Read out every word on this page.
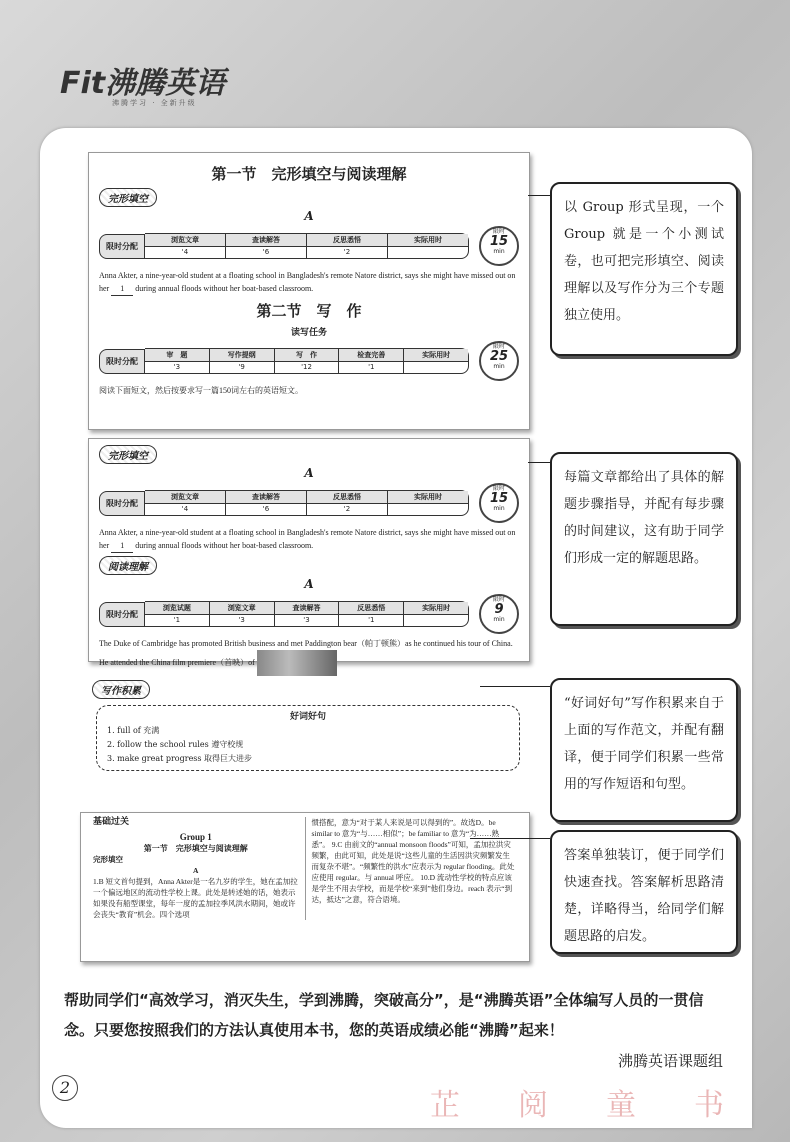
Fit沸腾英语
沸腾学习 · 全新升级
第一节　完形填空与阅读理解
完形填空
A
限时分配
浏览文章
'4
查读解答
'6
反思悉悟
'2
实际用时
限时
15
min
Anna Akter, a nine-year-old student at a floating school in Bangladesh's remote Natore district, says she might have missed out on her 1 during annual floods without her boat-based classroom.
第二节　写　作
读写任务
限时分配
审　题
'3
写作提纲
'9
写　作
'12
检查完善
'1
实际用时
限时
25
min
阅读下面短文，然后按要求写一篇150词左右的英语短文。
以 Group 形式呈现，一个 Group 就是一个小测试卷，也可把完形填空、阅读理解以及写作分为三个专题独立使用。
完形填空
A
限时分配
浏览文章
'4
查读解答
'6
反思悉悟
'2
实际用时
限时
15
min
Anna Akter, a nine-year-old student at a floating school in Bangladesh's remote Natore district, says she might have missed out on her 1 during annual floods without her boat-based classroom.
阅读理解
A
限时分配
浏览试题
'1
浏览文章
'3
查读解答
'3
反思悉悟
'1
实际用时
限时
9
min
The Duke of Cambridge has promoted British business and met Paddington bear（帕丁顿熊）as he continued his tour of China. He attended the China film premiere（首映）of
每篇文章都给出了具体的解题步骤指导，并配有每步骤的时间建议，这有助于同学们形成一定的解题思路。
写作积累
好词好句
1. full of 充满
2. follow the school rules 遵守校规
3. make great progress 取得巨大进步
“好词好句”写作积累来自于上面的写作范文，并配有翻译，便于同学们积累一些常用的写作短语和句型。
基础过关
Group 1
第一节　完形填空与阅读理解
完形填空
A
1.B 短文首句提到，Anna Akter是一名九岁的学生，她在孟加拉一个偏远地区的流动性学校上课。此处是转述她的话，她表示如果没有船型课堂，每年一度的孟加拉季风洪水期间，她或许会丧失“教育”机会。四个选项
惯搭配，意为“对于某人来说是可以得到的”。故选D。be similar to 意为“与……相似”；be familiar to 意为“为……熟悉”。 9.C 由前文的“annual monsoon floods”可知，孟加拉洪灾频繁，由此可知，此处是说“这些儿童的生活因洪灾频繁发生而复杂不堪”。“频繁性的洪水”应表示为 regular flooding。此处应使用 regular。与 annual 呼应。 10.D 流动性学校的特点应该是学生不用去学校，而是学校“来到”他们身边。reach 表示“到达，抵达”之意，符合语境。
答案单独装订，便于同学们快速查找。答案解析思路清楚，详略得当，给同学们解题思路的启发。
帮助同学们“高效学习，消灭失生，学到沸腾，突破高分”，是“沸腾英语”全体编写人员的一贯信念。只要您按照我们的方法认真使用本书，您的英语成绩必能“沸腾”起来！
芷　阅　童　书
沸腾英语课题组
2
